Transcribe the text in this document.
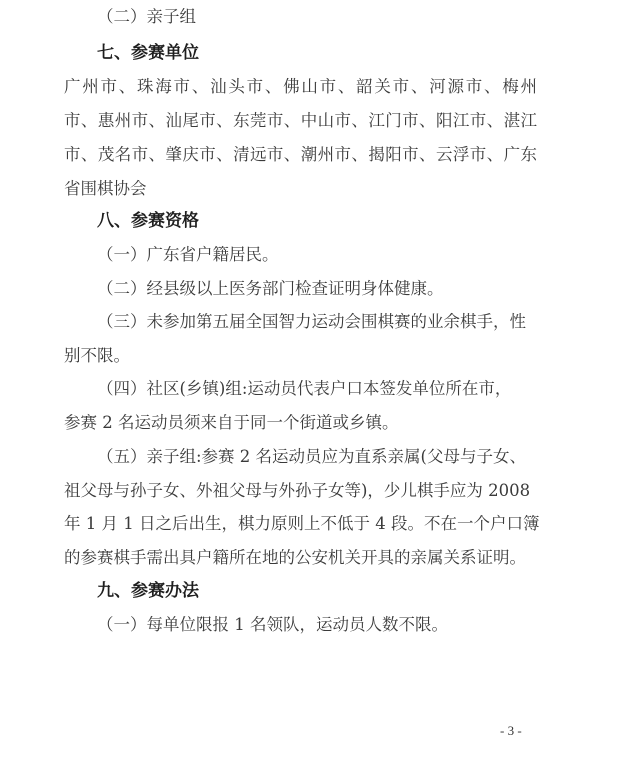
（二）亲子组
七、参赛单位
广州市、珠海市、汕头市、佛山市、韶关市、河源市、梅州
市、惠州市、汕尾市、东莞市、中山市、江门市、阳江市、湛江
市、茂名市、肇庆市、清远市、潮州市、揭阳市、云浮市、广东
省围棋协会
八、参赛资格
（一）广东省户籍居民。
（二）经县级以上医务部门检查证明身体健康。
（三）未参加第五届全国智力运动会围棋赛的业余棋手，性
别不限。
（四）社区(乡镇)组:运动员代表户口本签发单位所在市，
参赛 2 名运动员须来自于同一个街道或乡镇。
（五）亲子组:参赛 2 名运动员应为直系亲属(父母与子女、
祖父母与孙子女、外祖父母与外孙子女等)，少儿棋手应为 2008
年 1 月 1 日之后出生，棋力原则上不低于 4 段。不在一个户口簿
的参赛棋手需出具户籍所在地的公安机关开具的亲属关系证明。
九、参赛办法
（一）每单位限报 1 名领队，运动员人数不限。
- 3 -
